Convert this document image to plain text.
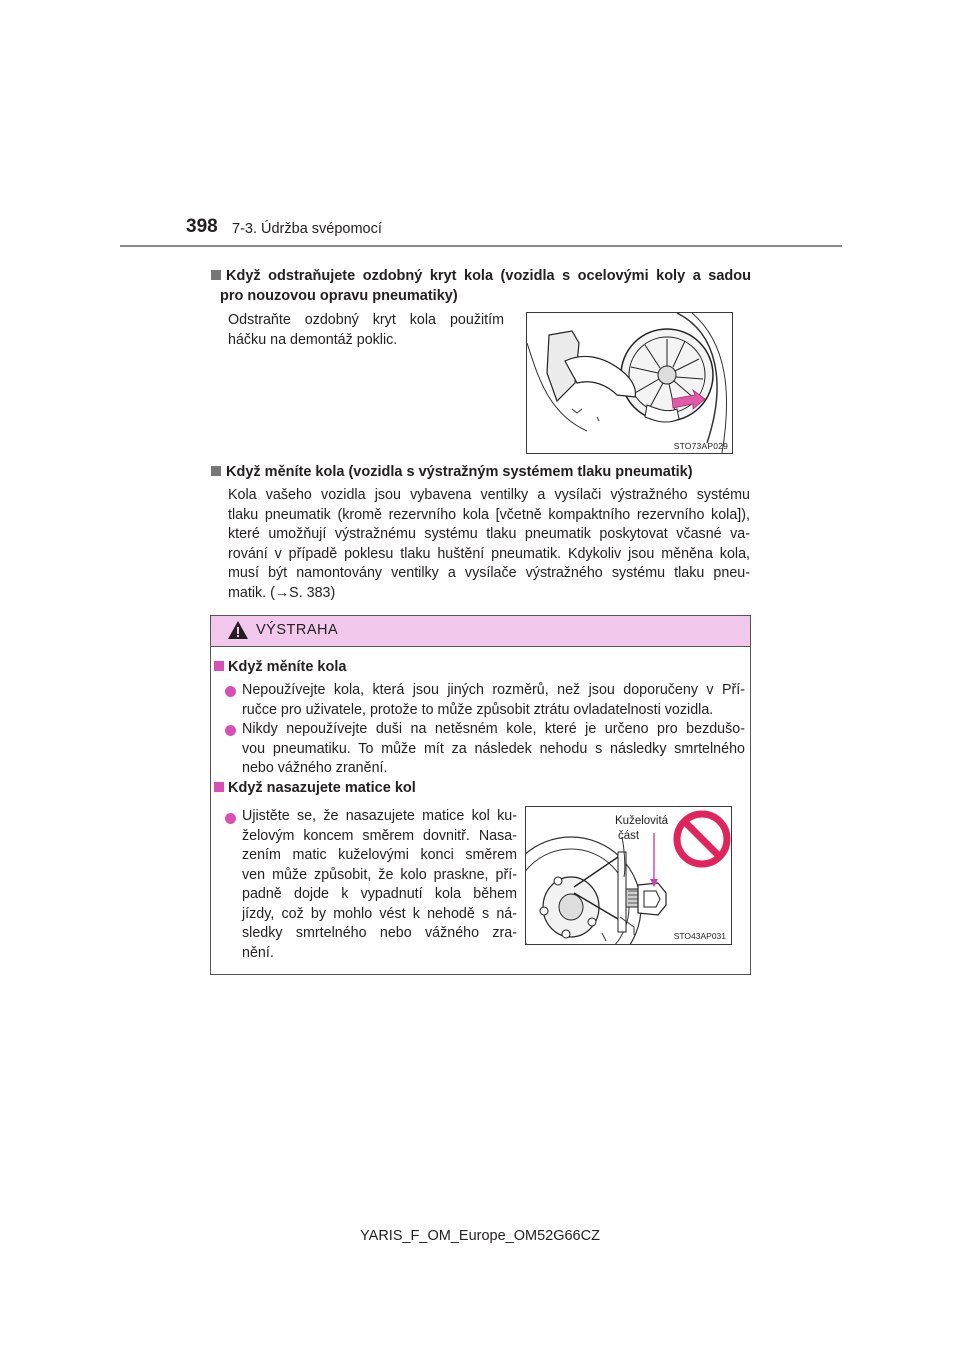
398 7-3. Údržba svépomocí
Když odstraňujete ozdobný kryt kola (vozidla s ocelovými koly a sadou
pro nouzovou opravu pneumatiky)
Odstraňte ozdobný kryt kola použitím
háčku na demontáž poklic.
STO73AP029
Když měníte kola (vozidla s výstražným systémem tlaku pneumatik)
Kola vašeho vozidla jsou vybavena ventilky a vysílači výstražného systému
tlaku pneumatik (kromě rezervního kola [včetně kompaktního rezervního kola]),
které umožňují výstražnému systému tlaku pneumatik poskytovat včasné va-
rování v případě poklesu tlaku huštění pneumatik. Kdykoliv jsou měněna kola,
musí být namontovány ventilky a vysílače výstražného systému tlaku pneu-
matik. (→S. 383)
VÝSTRAHA
Když měníte kola
Nepoužívejte kola, která jsou jiných rozměrů, než jsou doporučeny v Pří-
ručce pro uživatele, protože to může způsobit ztrátu ovladatelnosti vozidla.
Nikdy nepoužívejte duši na netěsném kole, které je určeno pro bezdušo-
vou pneumatiku. To může mít za následek nehodu s následky smrtelného
nebo vážného zranění.
Když nasazujete matice kol
Ujistěte se, že nasazujete matice kol ku-
želovým koncem směrem dovnitř. Nasa-
zením matic kuželovými konci směrem
ven může způsobit, že kolo praskne, pří-
padně dojde k vypadnutí kola během
jízdy, což by mohlo vést k nehodě s ná-
sledky smrtelného nebo vážného zra-
nění.
Kuželovitá
část
STO43AP031
YARIS_F_OM_Europe_OM52G66CZ
